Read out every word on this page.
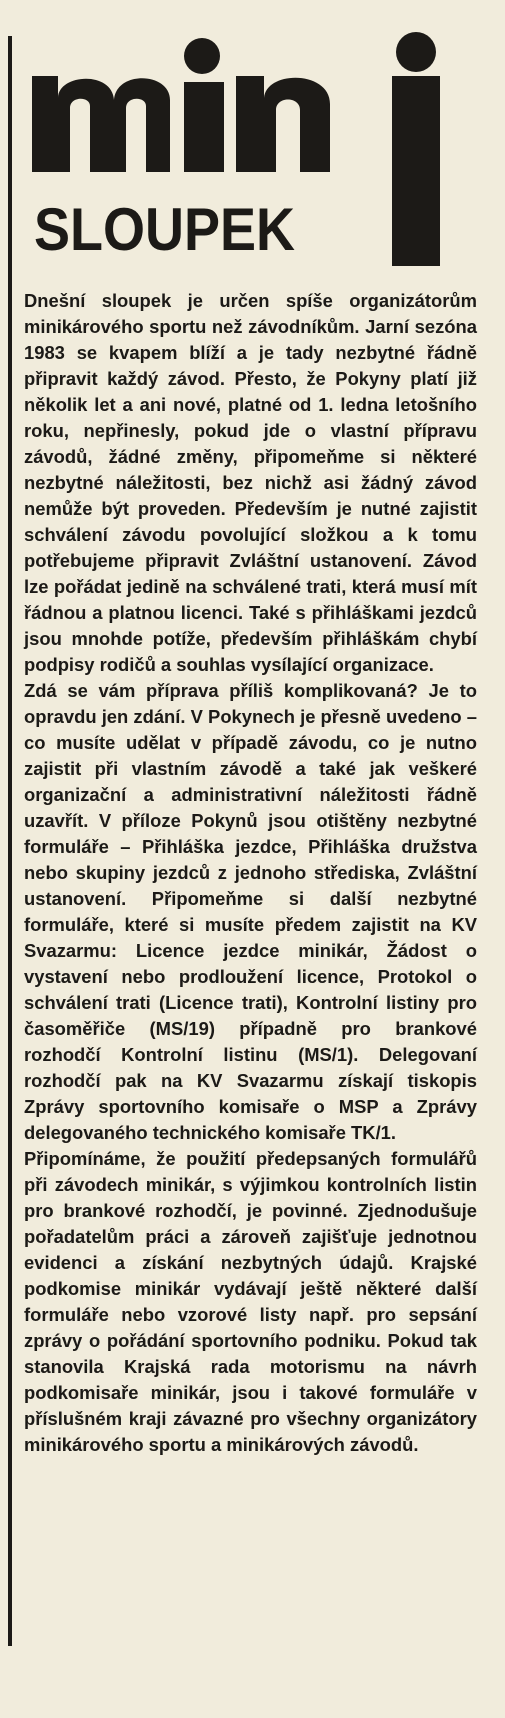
SLOUPEK

Dnešní sloupek je určen spíše organizátorům minikárového sportu než závodníkům. Jarní sezóna 1983 se kvapem blíží a je tady nezbytné řádně připravit každý závod. Přesto, že Pokyny platí již několik let a ani nové, platné od 1. ledna letošního roku, nepřinesly, pokud jde o vlastní přípravu závodů, žádné změny, připomeňme si některé nezbytné náležitosti, bez nichž asi žádný závod nemůže být proveden. Především je nutné zajistit schválení závodu povolující složkou a k tomu potřebujeme připravit Zvláštní ustanovení. Závod lze pořádat jedině na schválené trati, která musí mít řádnou a platnou licenci. Také s přihláškami jezdců jsou mnohde potíže, především přihláškám chybí podpisy rodičů a souhlas vysílající organizace.

Zdá se vám příprava příliš komplikovaná? Je to opravdu jen zdání. V Pokynech je přesně uvedeno – co musíte udělat v případě závodu, co je nutno zajistit při vlastním závodě a také jak veškeré organizační a administrativní náležitosti řádně uzavřít. V příloze Pokynů jsou otištěny nezbytné formuláře – Přihláška jezdce, Přihláška družstva nebo skupiny jezdců z jednoho střediska, Zvláštní ustanovení. Připomeňme si další nezbytné formuláře, které si musíte předem zajistit na KV Svazarmu: Licence jezdce minikár, Žádost o vystavení nebo prodloužení licence, Protokol o schválení trati (Licence trati), Kontrolní listiny pro časoměřiče (MS/19) případně pro brankové rozhodčí Kontrolní listinu (MS/1). Delegovaní rozhodčí pak na KV Svazarmu získají tiskopis Zprávy sportovního komisaře o MSP a Zprávy delegovaného technického komisaře TK/1.

Připomínáme, že použití předepsaných formulářů při závodech minikár, s výjimkou kontrolních listin pro brankové rozhodčí, je povinné. Zjednodušuje pořadatelům práci a zároveň zajišťuje jednotnou evidenci a získání nezbytných údajů. Krajské podkomise minikár vydávají ještě některé další formuláře nebo vzorové listy např. pro sepsání zprávy o pořádání sportovního podniku. Pokud tak stanovila Krajská rada motorismu na návrh podkomisaře minikár, jsou i takové formuláře v příslušném kraji závazné pro všechny organizátory minikárového sportu a minikárových závodů.
